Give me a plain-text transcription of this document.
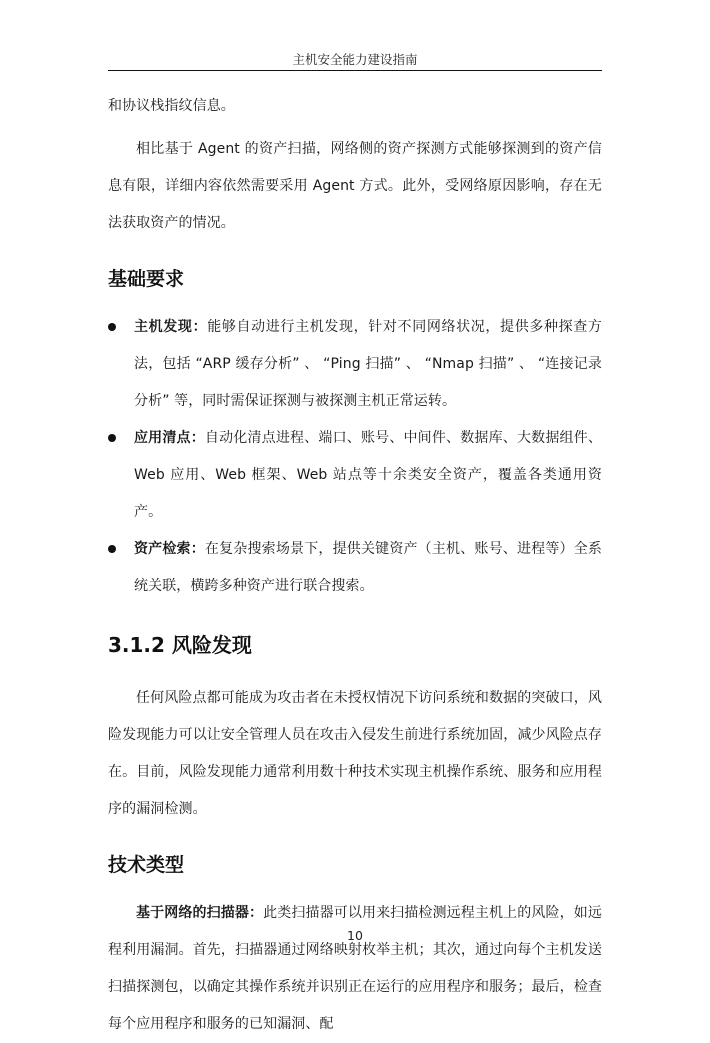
主机安全能力建设指南

和协议栈指纹信息。

相比基于 Agent 的资产扫描，网络侧的资产探测方式能够探测到的资产信息有限，详细内容依然需要采用 Agent 方式。此外，受网络原因影响，存在无法获取资产的情况。

基础要求
主机发现：能够自动进行主机发现，针对不同网络状况，提供多种探查方法，包括 “ARP 缓存分析” 、 “Ping 扫描” 、 “Nmap 扫描” 、 “连接记录分析” 等，同时需保证探测与被探测主机正常运转。
应用清点：自动化清点进程、端口、账号、中间件、数据库、大数据组件、Web 应用、Web 框架、Web 站点等十余类安全资产，覆盖各类通用资产。
资产检索：在复杂搜索场景下，提供关键资产（主机、账号、进程等）全系统关联，横跨多种资产进行联合搜索。
3.1.2 风险发现

任何风险点都可能成为攻击者在未授权情况下访问系统和数据的突破口，风险发现能力可以让安全管理人员在攻击入侵发生前进行系统加固，减少风险点存在。目前，风险发现能力通常利用数十种技术实现主机操作系统、服务和应用程序的漏洞检测。

技术类型

基于网络的扫描器：此类扫描器可以用来扫描检测远程主机上的风险，如远程利用漏洞。首先，扫描器通过网络映射枚举主机；其次，通过向每个主机发送扫描探测包，以确定其操作系统并识别正在运行的应用程序和服务；最后，检查每个应用程序和服务的已知漏洞、配

10
